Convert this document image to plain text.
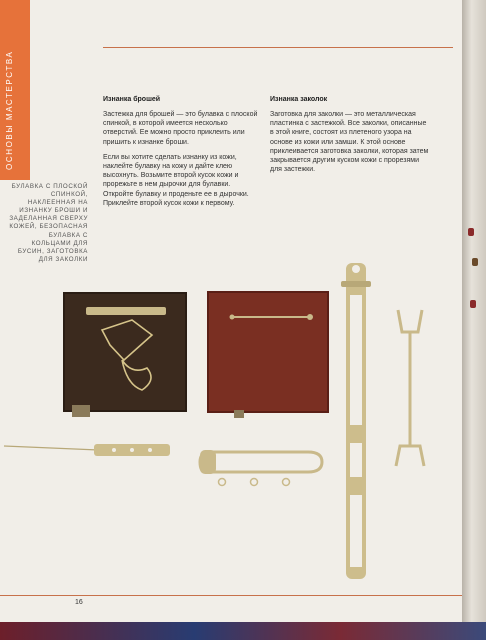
ОСНОВЫ МАСТЕРСТВА	Изнанка брошей

Застежка для брошей — это булавка с плоской спинкой, в которой имеется несколько отверстий. Ее можно просто приклеить или пришить к изнанке броши.

Если вы хотите сделать изнанку из кожи, наклейте булавку на кожу и дайте клею высохнуть. Возьмите второй кусок кожи и прорежьте в нем дырочки для булавки. Откройте булавку и проденьте ее в дырочки. Приклейте второй кусок кожи к первому.

Изнанка заколок

Заготовка для заколки — это металлическая пластинка с застежкой. Все заколки, описанные в этой книге, состоят из плетеного узора на основе из кожи или замши. К этой основе приклеивается заготовка заколки, которая затем закрывается другим куском кожи с прорезями для застежки.

БУЛАВКА С ПЛОСКОЙ СПИНКОЙ, НАКЛЕЕННАЯ НА ИЗНАНКУ БРОШИ И ЗАДЕЛАННАЯ СВЕРХУ КОЖЕЙ, БЕЗОПАСНАЯ БУЛАВКА С КОЛЬЦАМИ ДЛЯ БУСИН, ЗАГОТОВКА ДЛЯ ЗАКОЛКИ
16
